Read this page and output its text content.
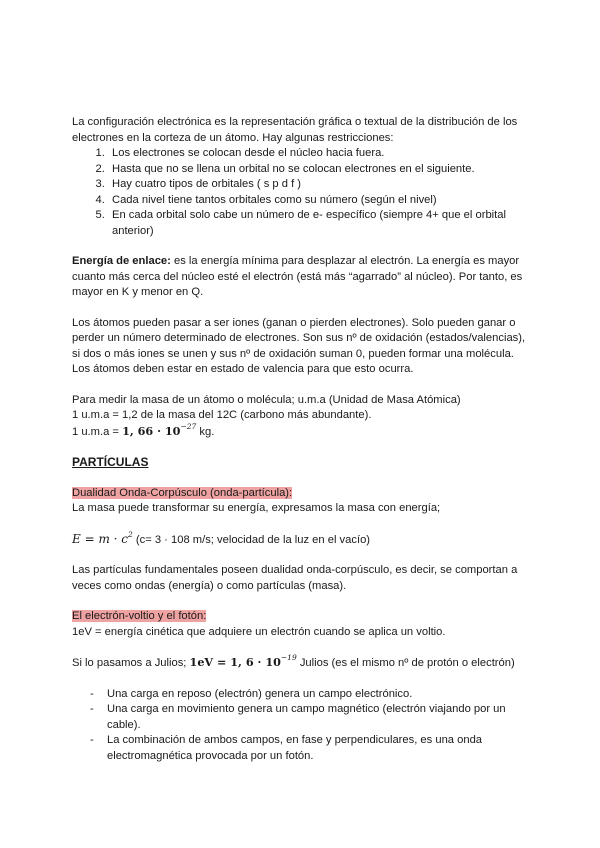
La configuración electrónica es la representación gráfica o textual de la distribución de los electrones en la corteza de un átomo. Hay algunas restricciones:

1. Los electrones se colocan desde el núcleo hacia fuera.
2. Hasta que no se llena un orbital no se colocan electrones en el siguiente.
3. Hay cuatro tipos de orbitales ( s p d f )
4. Cada nivel tiene tantos orbitales como su número (según el nivel)
5. En cada orbital solo cabe un número de e- específico (siempre 4+ que el orbital anterior)

Energía de enlace: es la energía mínima para desplazar al electrón. La energía es mayor cuanto más cerca del núcleo esté el electrón (está más “agarrado” al núcleo). Por tanto, es mayor en K y menor en Q.

Los átomos pueden pasar a ser iones (ganan o pierden electrones). Solo pueden ganar o perder un número determinado de electrones. Son sus nº de oxidación (estados/valencias), si dos o más iones se unen y sus nº de oxidación suman 0, pueden formar una molécula. Los átomos deben estar en estado de valencia para que esto ocurra.

Para medir la masa de un átomo o molécula; u.m.a (Unidad de Masa Atómica)

1 u.m.a = 1,2 de la masa del 12C (carbono más abundante).

1 u.m.a = 1, $66 \cdot 10^{-27}$ kg.

PARTÍCULAS

Dualidad Onda-Corpúsculo (onda-partícula):

La masa puede transformar su energía, expresamos la masa con energía;

$E = m \cdot c^2$ (c= 3 · 108 m/s; velocidad de la luz en el vacío)

Las partículas fundamentales poseen dualidad onda-corpúsculo, es decir, se comportan a veces como ondas (energía) o como partículas (masa).

El electrón-voltio y el fotón:

1eV = energía cinética que adquiere un electrón cuando se aplica un voltio.

Si lo pasamos a Julios; 1eV = 1, $6 \cdot 10^{-19}$ Julios (es el mismo nº de protón o electrón)

- Una carga en reposo (electrón) genera un campo electrónico.
- Una carga en movimiento genera un campo magnético (electrón viajando por un cable).
- La combinación de ambos campos, en fase y perpendiculares, es una onda electromagnética provocada por un fotón.
